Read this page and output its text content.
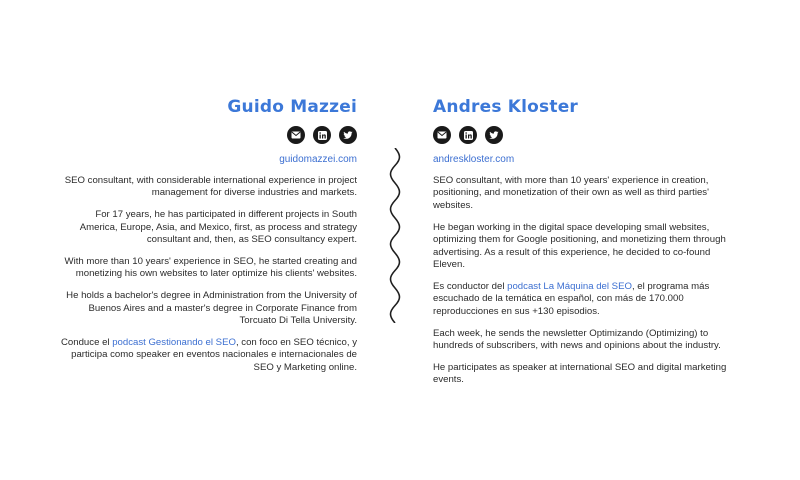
Guido Mazzei
guidomazzei.com

SEO consultant, with considerable international experience in project management for diverse industries and markets.

For 17 years, he has participated in different projects in South America, Europe, Asia, and Mexico, first, as process and strategy consultant and, then, as SEO consultancy expert.

With more than 10 years' experience in SEO, he started creating and monetizing his own websites to later optimize his clients' websites.

He holds a bachelor's degree in Administration from the University of Buenos Aires and a master's degree in Corporate Finance from Torcuato Di Tella University.

Conduce el podcast Gestionando el SEO, con foco en SEO técnico, y participa como speaker en eventos nacionales e internacionales de SEO y Marketing online.

Andres Kloster
andreskloster.com

SEO consultant, with more than 10 years' experience in creation, positioning, and monetization of their own as well as third parties' websites.

He began working in the digital space developing small websites, optimizing them for Google positioning, and monetizing them through advertising. As a result of this experience, he decided to co-found Eleven.

Es conductor del podcast La Máquina del SEO, el programa más escuchado de la temática en español, con más de 170.000 reproducciones en sus +130 episodios.

Each week, he sends the newsletter Optimizando (Optimizing) to hundreds of subscribers, with news and opinions about the industry.

He participates as speaker at international SEO and digital marketing events.
